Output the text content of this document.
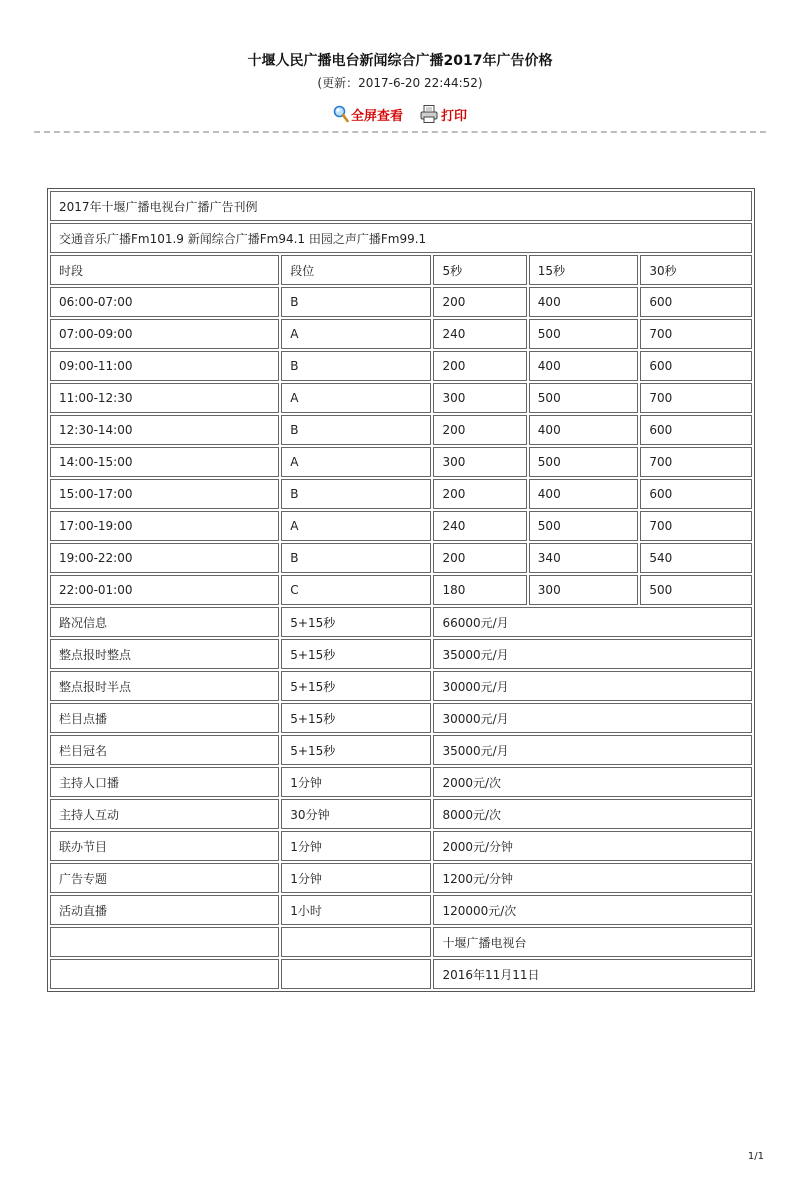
十堰人民广播电台新闻综合广播2017年广告价格
(更新：2017-6-20 22:44:52)
全屏查看	打印
2017年十堰广播电视台广播广告刊例				
交通音乐广播Fm101.9 新闻综合广播Fm94.1 田园之声广播Fm99.1				
时段	段位	5秒	15秒	30秒
06:00-07:00	B	200	400	600
07:00-09:00	A	240	500	700
09:00-11:00	B	200	400	600
11:00-12:30	A	300	500	700
12:30-14:00	B	200	400	600
14:00-15:00	A	300	500	700
15:00-17:00	B	200	400	600
17:00-19:00	A	240	500	700
19:00-22:00	B	200	340	540
22:00-01:00	C	180	300	500
路况信息	5+15秒	66000元/月		
整点报时整点	5+15秒	35000元/月		
整点报时半点	5+15秒	30000元/月		
栏目点播	5+15秒	30000元/月		
栏目冠名	5+15秒	35000元/月		
主持人口播	1分钟	2000元/次		
主持人互动	30分钟	8000元/次		
联办节目	1分钟	2000元/分钟		
广告专题	1分钟	1200元/分钟		
活动直播	1小时	120000元/次		
		十堰广播电视台		
		2016年11月11日		
1/1
